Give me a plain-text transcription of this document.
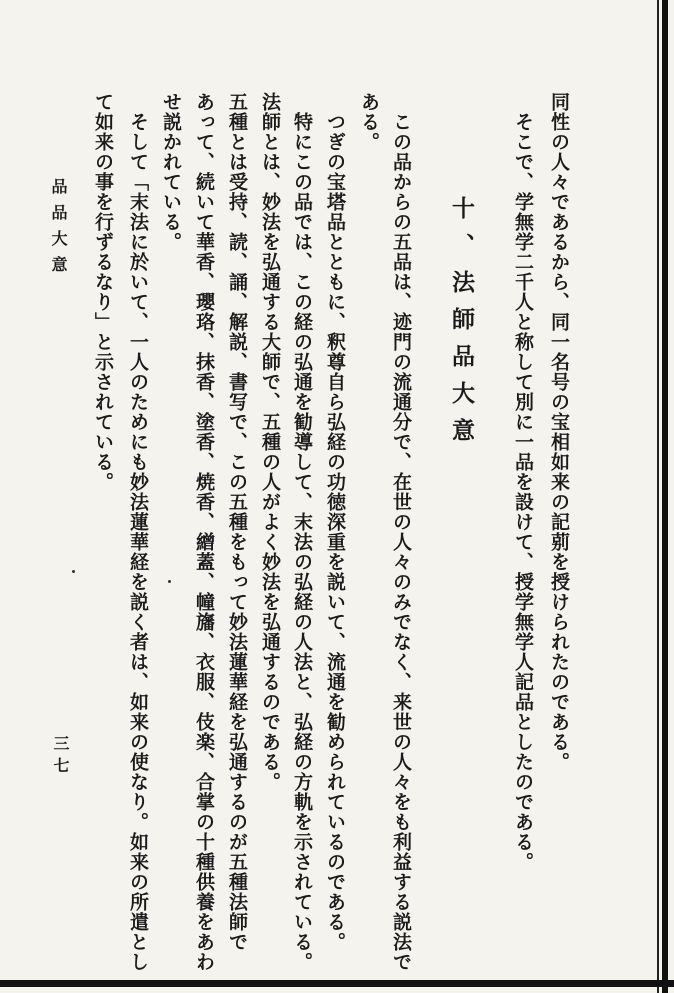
同性の人々であるから、同一名号の宝相如来の記莂を授けられたのである。
そこで、学無学二千人と称して別に一品を設けて、授学無学人記品としたのである。
十、法師品大意
この品からの五品は、迹門の流通分で、在世の人々のみでなく、来世の人々をも利益する説法で
ある。
つぎの宝塔品とともに、釈尊自ら弘経の功徳深重を説いて、流通を勧められているのである。
特にこの品では、この経の弘通を勧導して、末法の弘経の人法と、弘経の方軌を示されている。
法師とは、妙法を弘通する大師で、五種の人がよく妙法を弘通するのである。
五種とは受持、読、誦、解説、書写で、この五種をもって妙法蓮華経を弘通するのが五種法師で
あって、続いて華香、瓔珞、抹香、塗香、焼香、繒蓋、幢旛、衣服、伎楽、合掌の十種供養をあわ
せ説かれている。
そして「末法に於いて、一人のためにも妙法蓮華経を説く者は、如来の使なり。如来の所遣とし
て如来の事を行ずるなり」と示されている。
品品大意
三七
